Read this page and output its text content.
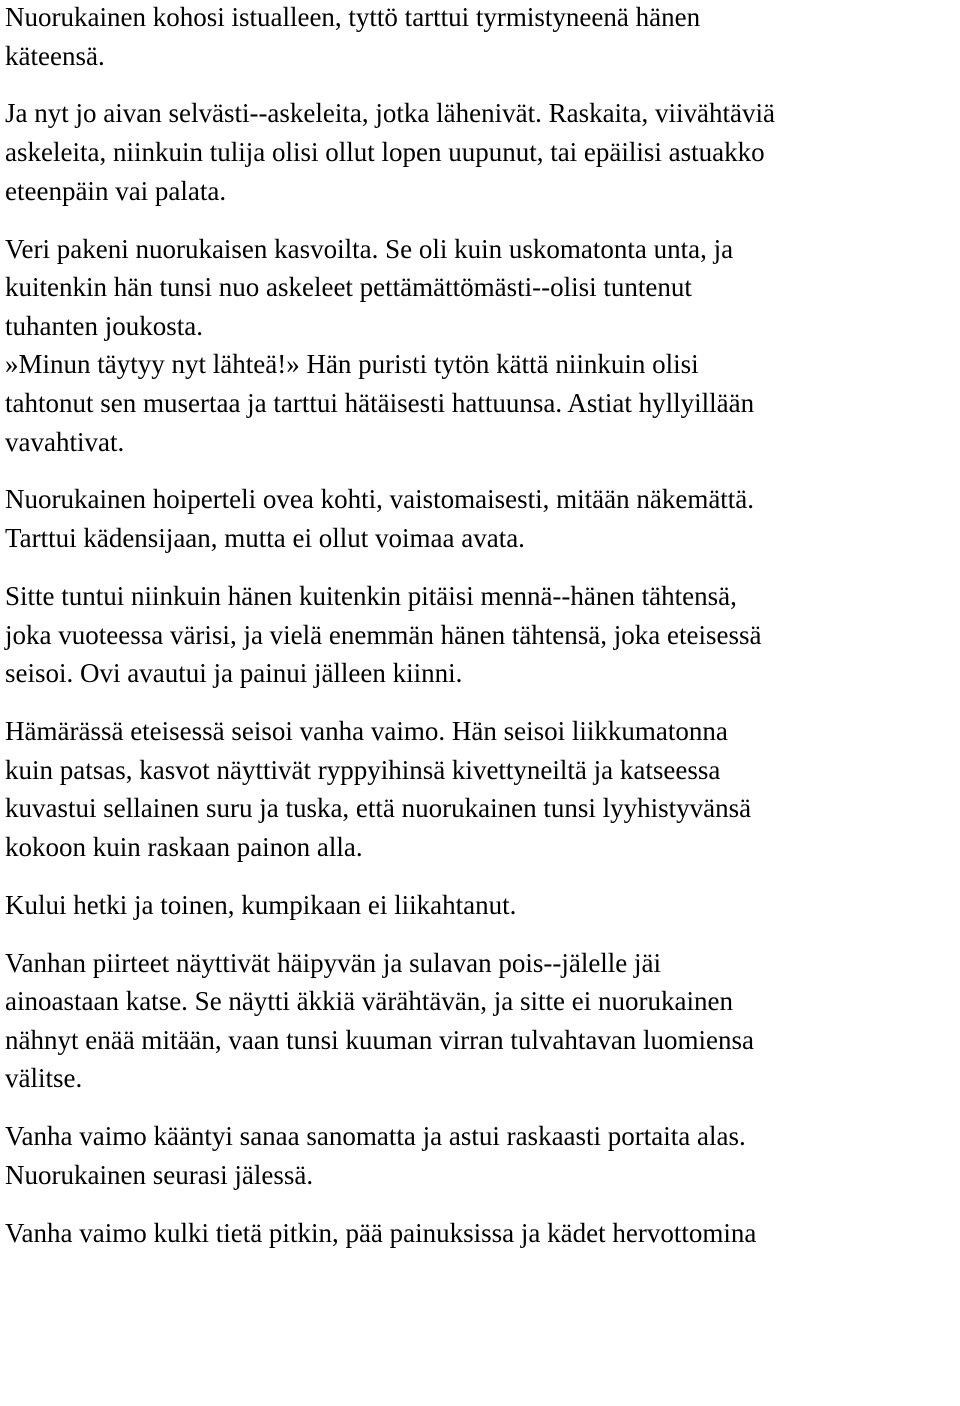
Nuorukainen kohosi istualleen, tyttö tarttui tyrmistyneenä hänen
käteensä.

Ja nyt jo aivan selvästi--askeleita, jotka lähenivät. Raskaita, viivähtäviä
askeleita, niinkuin tulija olisi ollut lopen uupunut, tai epäilisi astuakko
eteenpäin vai palata.

Veri pakeni nuorukaisen kasvoilta. Se oli kuin uskomatonta unta, ja
kuitenkin hän tunsi nuo askeleet pettämättömästi--olisi tuntenut
tuhanten joukosta.
»Minun täytyy nyt lähteä!» Hän puristi tytön kättä niinkuin olisi
tahtonut sen musertaa ja tarttui hätäisesti hattuunsa. Astiat hyllyillään
vavahtivat.

Nuorukainen hoiperteli ovea kohti, vaistomaisesti, mitään näkemättä.
Tarttui kädensijaan, mutta ei ollut voimaa avata.

Sitte tuntui niinkuin hänen kuitenkin pitäisi mennä--hänen tähtensä,
joka vuoteessa värisi, ja vielä enemmän hänen tähtensä, joka eteisessä
seisoi. Ovi avautui ja painui jälleen kiinni.

Hämärässä eteisessä seisoi vanha vaimo. Hän seisoi liikkumatonna
kuin patsas, kasvot näyttivät ryppyihinsä kivettyneiltä ja katseessa
kuvastui sellainen suru ja tuska, että nuorukainen tunsi lyyhistyvänsä
kokoon kuin raskaan painon alla.

Kului hetki ja toinen, kumpikaan ei liikahtanut.

Vanhan piirteet näyttivät häipyvän ja sulavan pois--jälelle jäi
ainoastaan katse. Se näytti äkkiä värähtävän, ja sitte ei nuorukainen
nähnyt enää mitään, vaan tunsi kuuman virran tulvahtavan luomiensa
välitse.

Vanha vaimo kääntyi sanaa sanomatta ja astui raskaasti portaita alas.
Nuorukainen seurasi jälessä.

Vanha vaimo kulki tietä pitkin, pää painuksissa ja kädet hervottomina
